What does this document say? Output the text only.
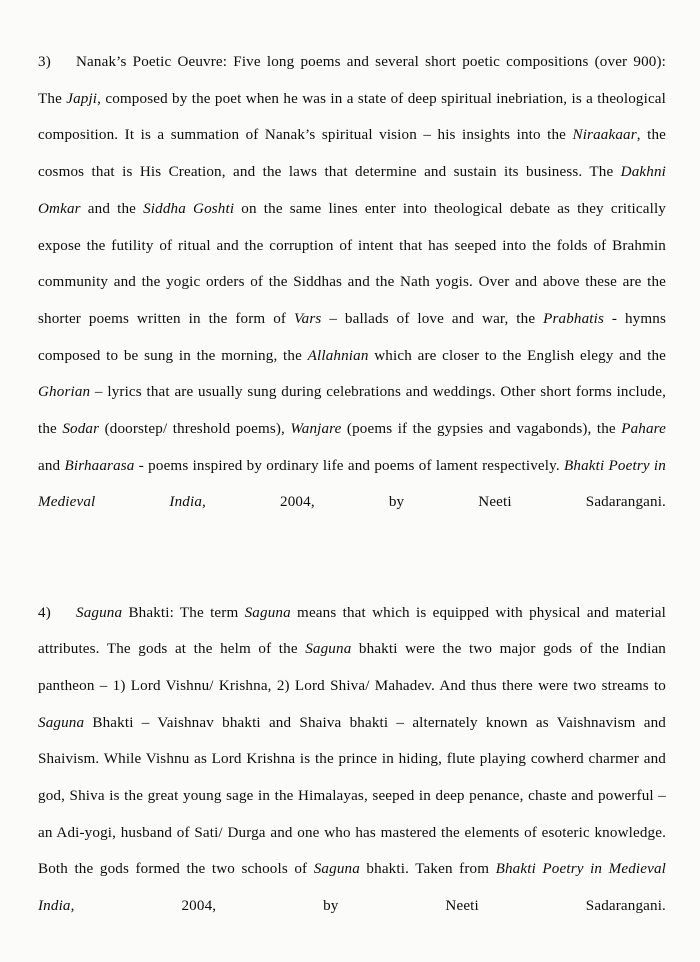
3) Nanak’s Poetic Oeuvre: Five long poems and several short poetic compositions (over 900): The Japji, composed by the poet when he was in a state of deep spiritual inebriation, is a theological composition. It is a summation of Nanak’s spiritual vision – his insights into the Niraakaar, the cosmos that is His Creation, and the laws that determine and sustain its business. The Dakhni Omkar and the Siddha Goshti on the same lines enter into theological debate as they critically expose the futility of ritual and the corruption of intent that has seeped into the folds of Brahmin community and the yogic orders of the Siddhas and the Nath yogis. Over and above these are the shorter poems written in the form of Vars – ballads of love and war, the Prabhatis - hymns composed to be sung in the morning, the Allahnian which are closer to the English elegy and the Ghorian – lyrics that are usually sung during celebrations and weddings. Other short forms include, the Sodar (doorstep/ threshold poems), Wanjare (poems if the gypsies and vagabonds), the Pahare and Birhaarasa - poems inspired by ordinary life and poems of lament respectively. Bhakti Poetry in Medieval India, 2004, by Neeti Sadarangani.

4) Saguna Bhakti: The term Saguna means that which is equipped with physical and material attributes. The gods at the helm of the Saguna bhakti were the two major gods of the Indian pantheon – 1) Lord Vishnu/ Krishna, 2) Lord Shiva/ Mahadev. And thus there were two streams to Saguna Bhakti – Vaishnav bhakti and Shaiva bhakti – alternately known as Vaishnavism and Shaivism. While Vishnu as Lord Krishna is the prince in hiding, flute playing cowherd charmer and god, Shiva is the great young sage in the Himalayas, seeped in deep penance, chaste and powerful – an Adi-yogi, husband of Sati/ Durga and one who has mastered the elements of esoteric knowledge. Both the gods formed the two schools of Saguna bhakti. Taken from Bhakti Poetry in Medieval India, 2004, by Neeti Sadarangani.
